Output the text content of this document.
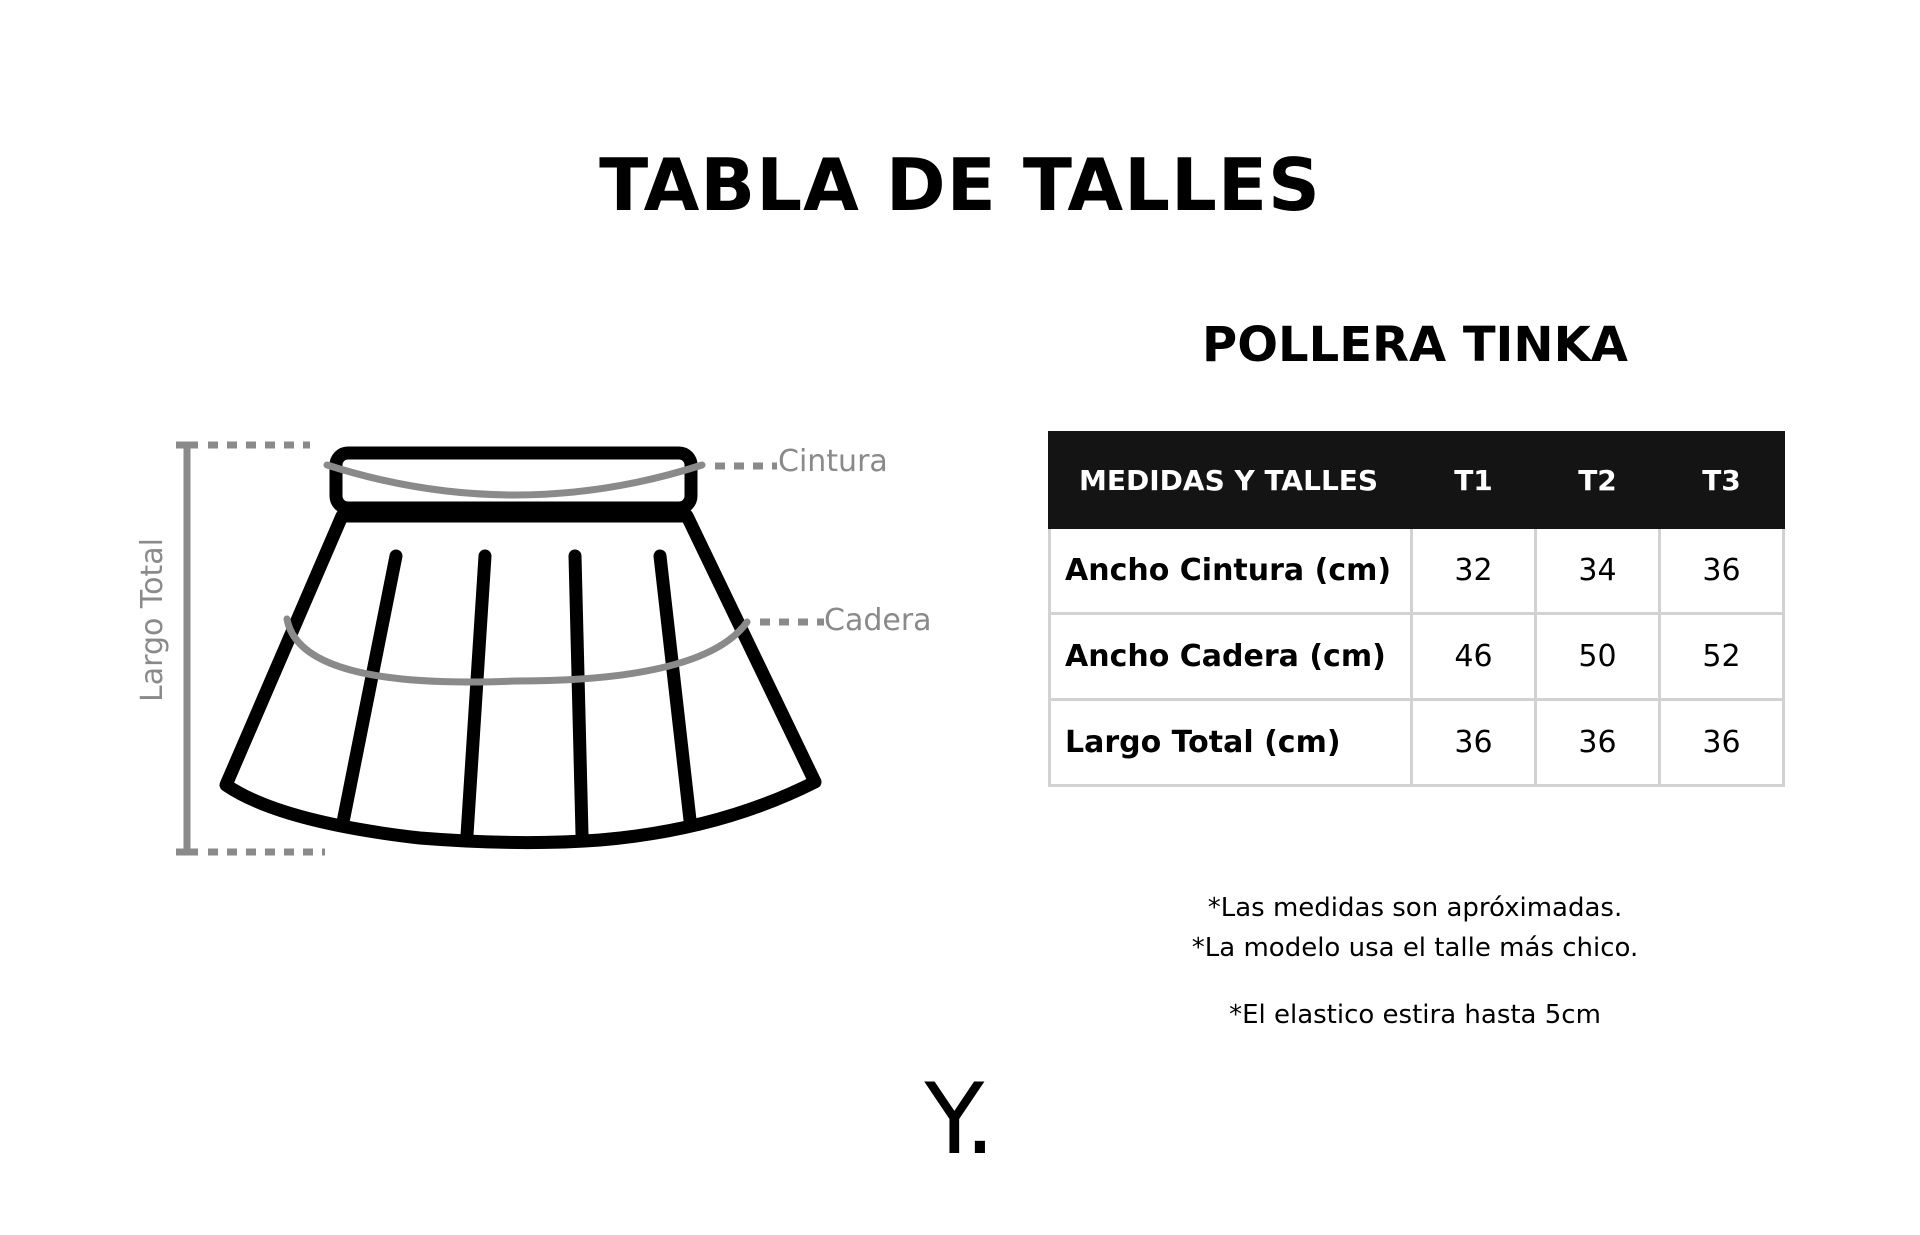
TABLA DE TALLES
Largo Total
Cintura
Cadera
POLLERA TINKA
MEDIDAS Y TALLES	T1	T2	T3
Ancho Cintura (cm)	32	34	36
Ancho Cadera (cm)	46	50	52
Largo Total (cm)	36	36	36

*Las medidas son apróximadas.

*La modelo usa el talle más chico.

*El elastico estira hasta 5cm

Y.
